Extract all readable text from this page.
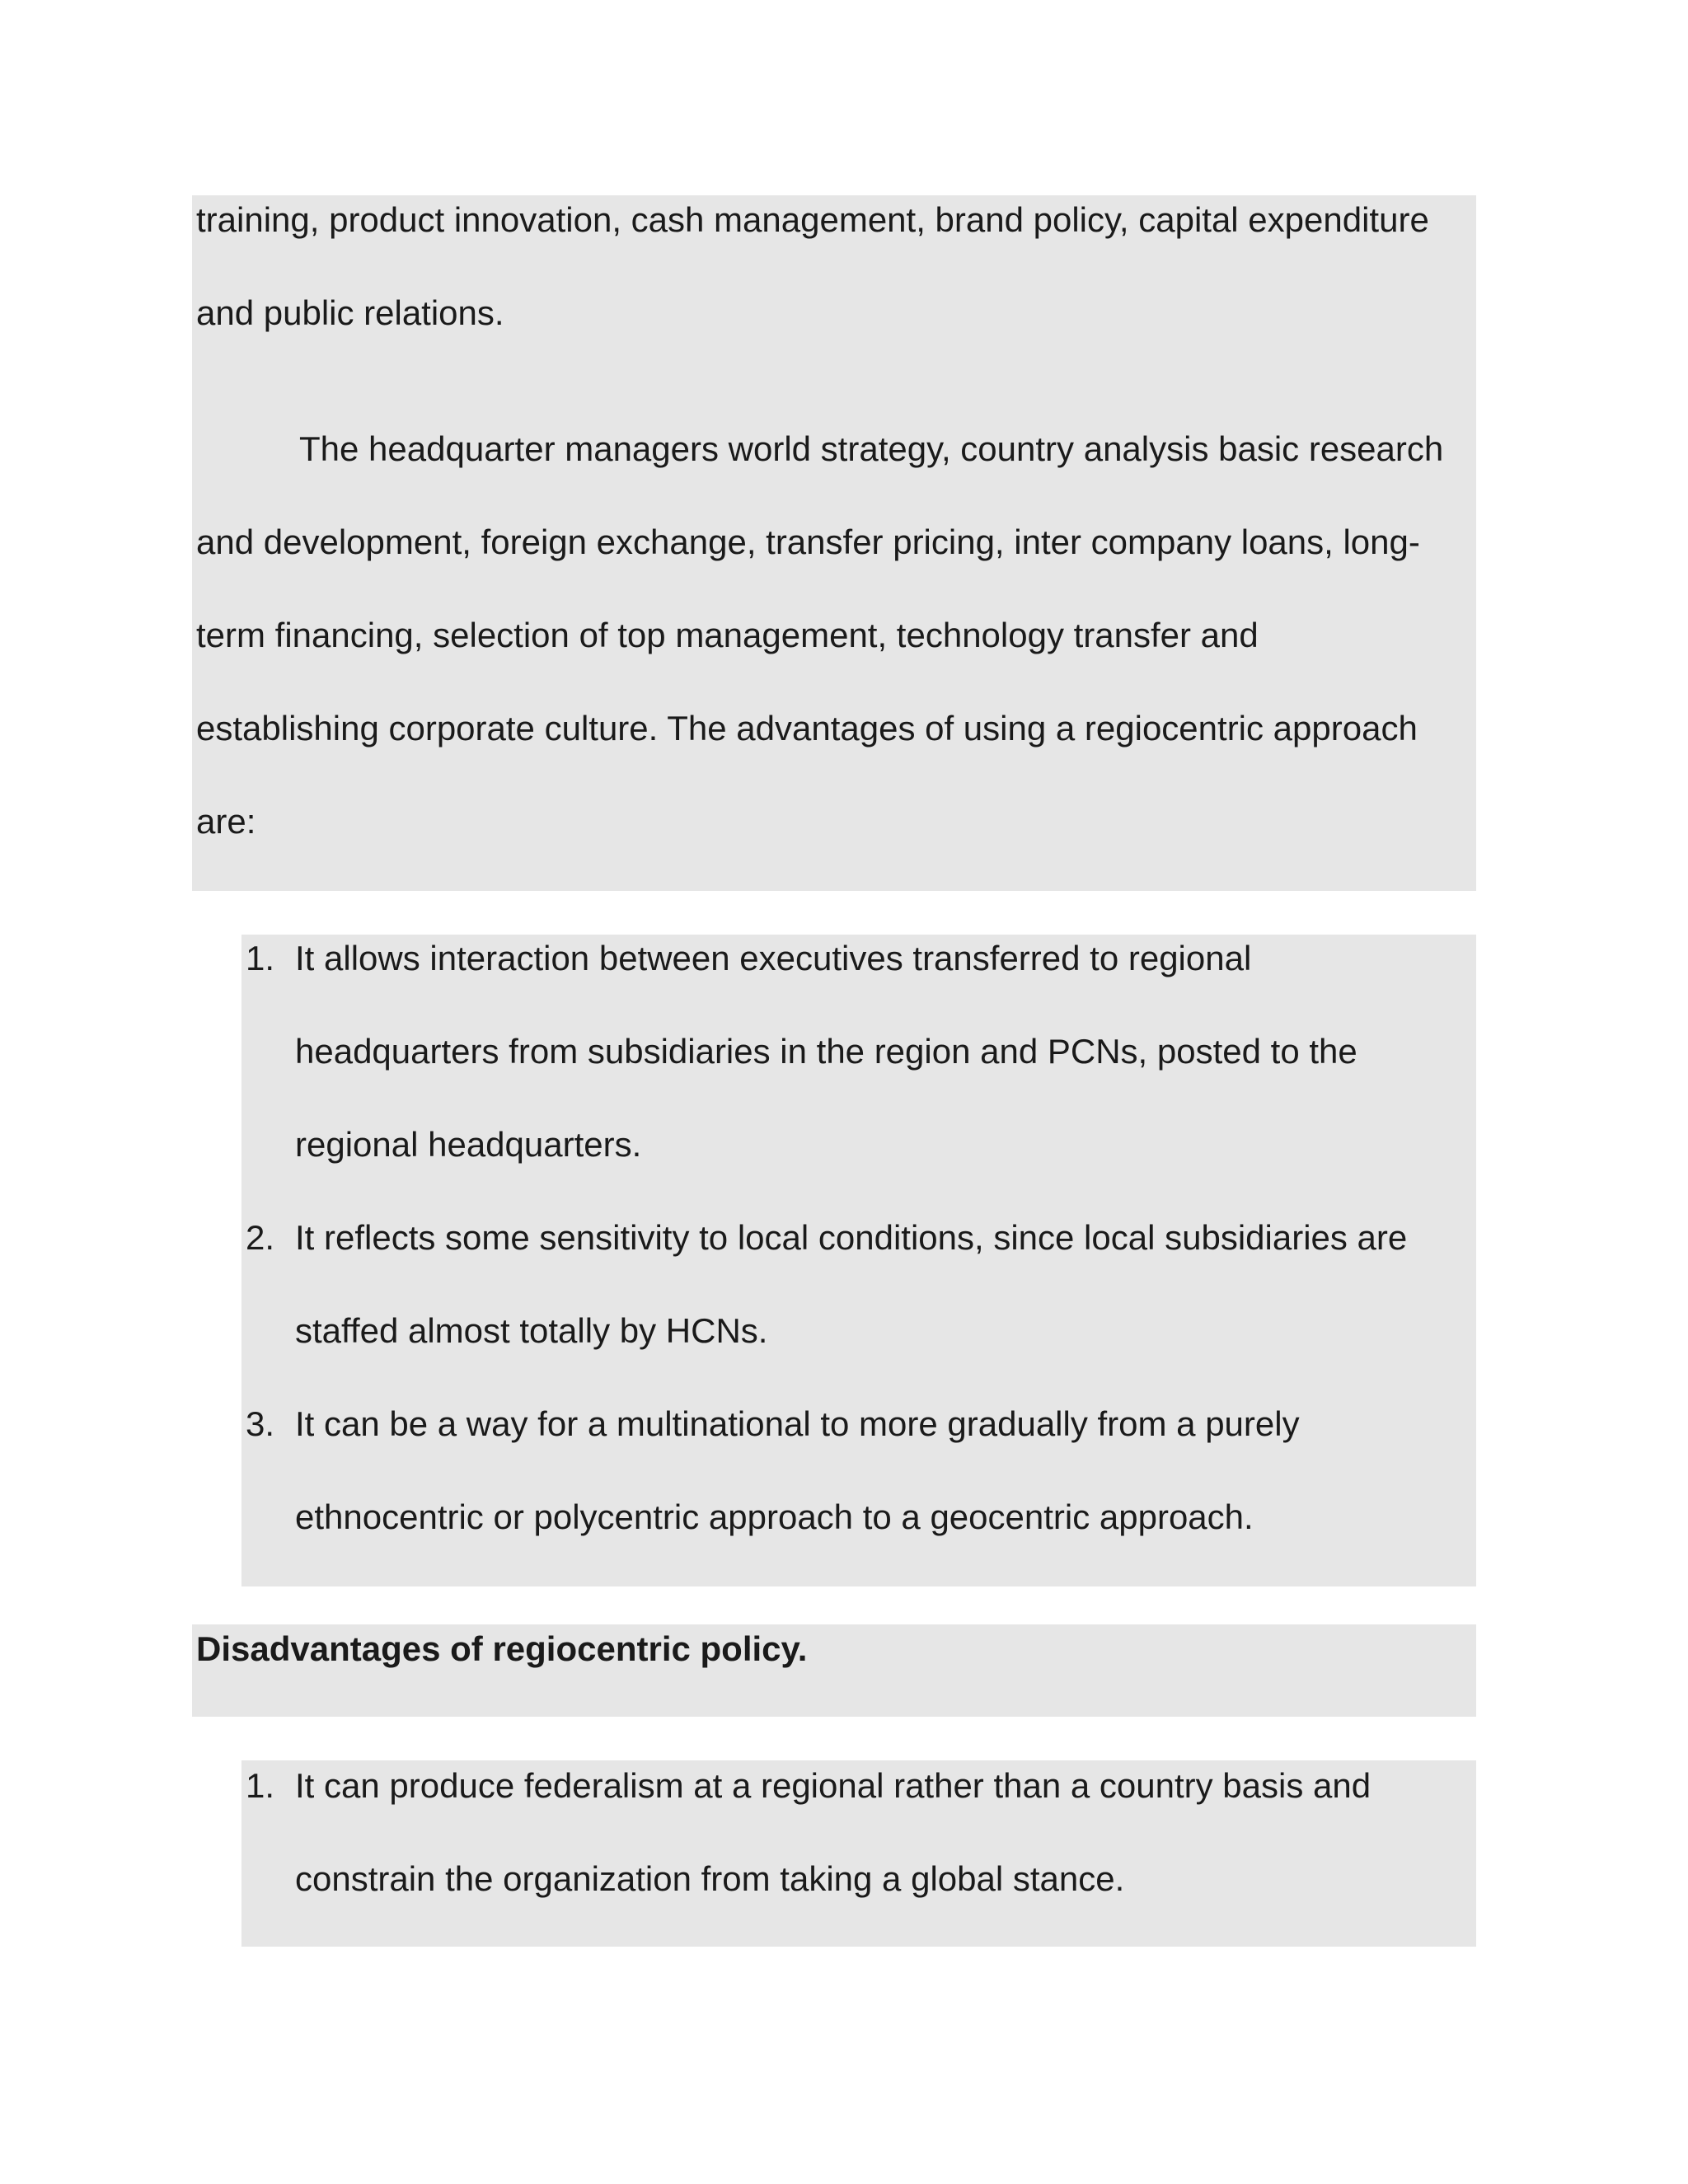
training, product innovation, cash management, brand policy, capital expenditure
and public relations.
The headquarter managers world strategy, country analysis basic research
and development, foreign exchange, transfer pricing, inter company loans, long-
term financing, selection of top management, technology transfer and
establishing corporate culture. The advantages of using a regiocentric approach
are:
1. It allows interaction between executives transferred to regional
headquarters from subsidiaries in the region and PCNs, posted to the
regional headquarters.
2. It reflects some sensitivity to local conditions, since local subsidiaries are
staffed almost totally by HCNs.
3. It can be a way for a multinational to more gradually from a purely
ethnocentric or polycentric approach to a geocentric approach.
Disadvantages of regiocentric policy.
1. It can produce federalism at a regional rather than a country basis and
constrain the organization from taking a global stance.
